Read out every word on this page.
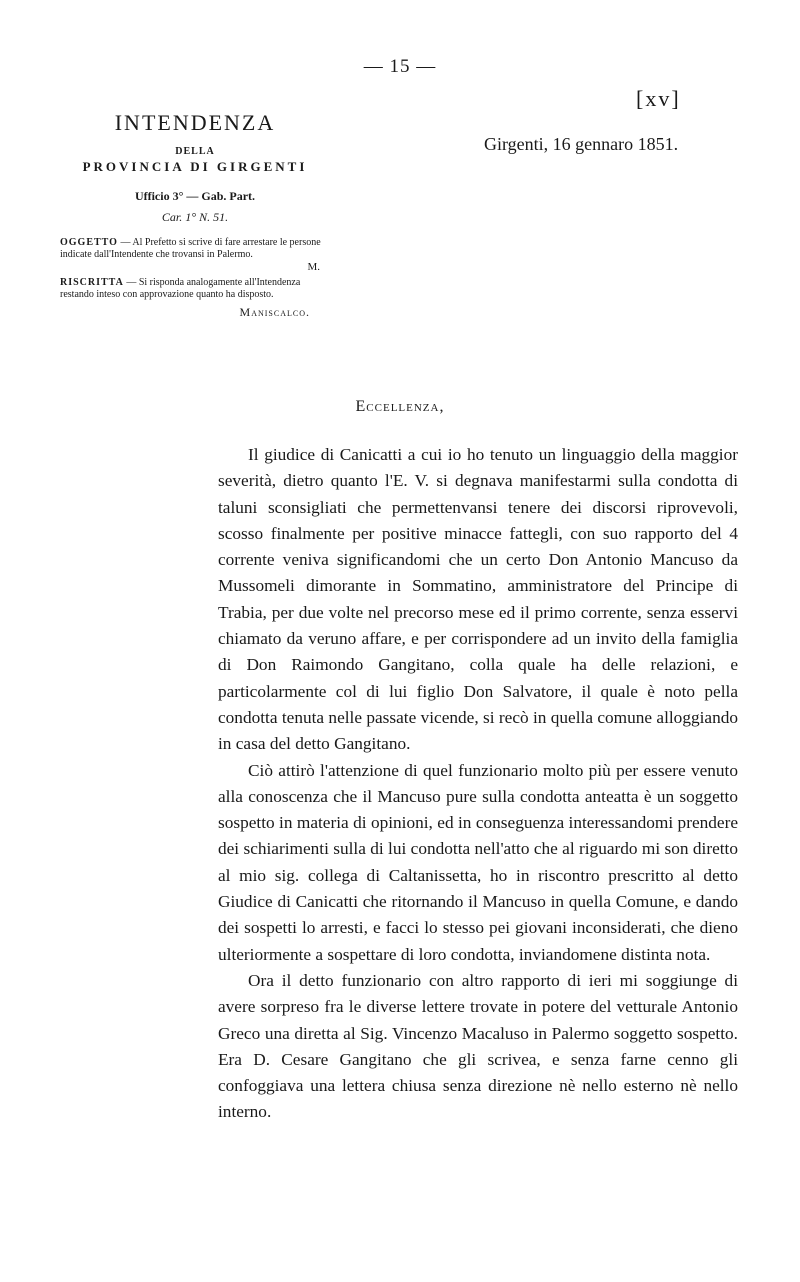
— 15 —
[xv]
INTENDENZA
DELLA
PROVINCIA DI GIRGENTI
Ufficio 3° — Gab. Part.
Car. 1° N. 51.
OGGETTO — Al Prefetto si scrive di fare arrestare le persone indicate dall'Intendente che trovansi in Palermo.
M.
RISCRITTA — Si risponda analogamente all'Intendenza restando inteso con approvazione quanto ha disposto.
Maniscalco.
Girgenti, 16 gennaro 1851.
Eccellenza,

Il giudice di Canicatti a cui io ho tenuto un linguaggio della maggior severità, dietro quanto l'E. V. si degnava manifestarmi sulla condotta di taluni sconsigliati che permettenvansi tenere dei discorsi riprovevoli, scosso finalmente per positive minacce fattegli, con suo rapporto del 4 corrente veniva significandomi che un certo Don Antonio Mancuso da Mussomeli dimorante in Sommatino, amministratore del Principe di Trabia, per due volte nel precorso mese ed il primo corrente, senza esservi chiamato da veruno affare, e per corrispondere ad un invito della famiglia di Don Raimondo Gangitano, colla quale ha delle relazioni, e particolarmente col di lui figlio Don Salvatore, il quale è noto pella condotta tenuta nelle passate vicende, si recò in quella comune alloggiando in casa del detto Gangitano.

Ciò attirò l'attenzione di quel funzionario molto più per essere venuto alla conoscenza che il Mancuso pure sulla condotta anteatta è un soggetto sospetto in materia di opinioni, ed in conseguenza interessandomi prendere dei schiarimenti sulla di lui condotta nell'atto che al riguardo mi son diretto al mio sig. collega di Caltanissetta, ho in riscontro prescritto al detto Giudice di Canicatti che ritornando il Mancuso in quella Comune, e dando dei sospetti lo arresti, e facci lo stesso pei giovani inconsiderati, che dieno ulteriormente a sospettare di loro condotta, inviandomene distinta nota.

Ora il detto funzionario con altro rapporto di ieri mi soggiunge di avere sorpreso fra le diverse lettere trovate in potere del vetturale Antonio Greco una diretta al Sig. Vincenzo Macaluso in Palermo soggetto sospetto. Era D. Cesare Gangitano che gli scrivea, e senza farne cenno gli confoggiava una lettera chiusa senza direzione nè nello esterno nè nello interno.
